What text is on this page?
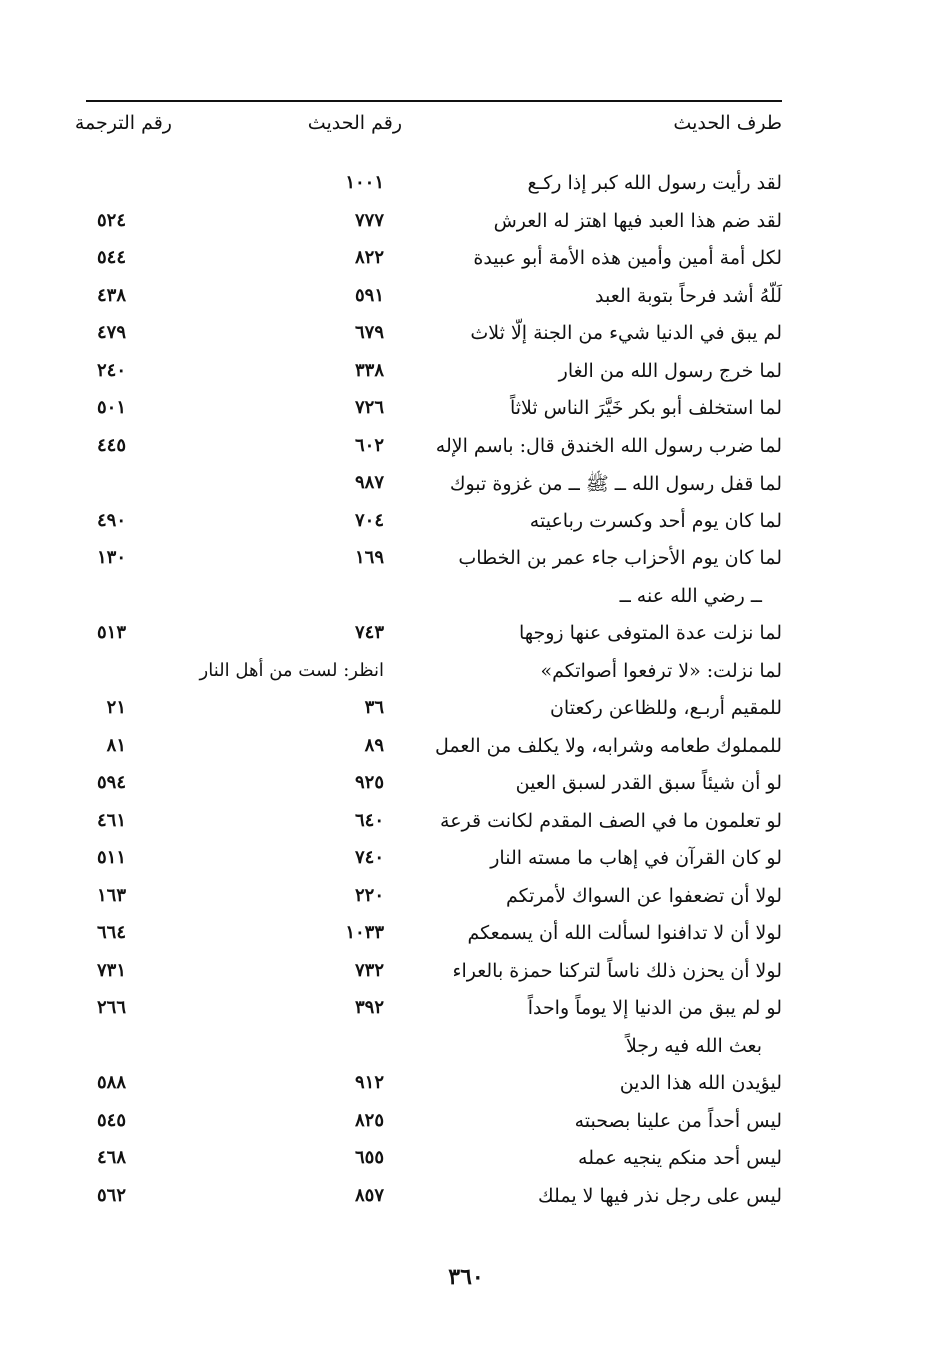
طرف الحديث
رقم الحديث
رقم الترجمة
لقد رأيت رسول الله كبر إذا ركـع
١٠٠١
لقد ضم هذا العبد فيها اهتز له العرش
٧٧٧
٥٢٤
لكل أمة أمين وأمين هذه الأمة أبو عبيدة
٨٢٢
٥٤٤
لَلّهُ أشد فرحاً بتوبة العبد
٥٩١
٤٣٨
لم يبق في الدنيا شيء من الجنة إلّا ثلاث
٦٧٩
٤٧٩
لما خرج رسول الله من الغار
٣٣٨
٢٤٠
لما استخلف أبو بكر خَيَّرَ الناس ثلاثاً
٧٢٦
٥٠١
لما ضرب رسول الله الخندق قال: باسم الإله
٦٠٢
٤٤٥
لما قفل رسول الله ــ ﷺ ــ من غزوة تبوك
٩٨٧
لما كان يوم أحد وكسرت رباعيته
٧٠٤
٤٩٠
لما كان يوم الأحزاب جاء عمر بن الخطاب
١٦٩
١٣٠
ــ رضي الله عنه ــ
لما نزلت عدة المتوفى عنها زوجها
٧٤٣
٥١٣
لما نزلت: «لا ترفعوا أصواتكم»
انظر: لست من أهل النار
للمقيم أربـع، وللظاعن ركعتان
٣٦
٢١
للمملوك طعامه وشرابه، ولا يكلف من العمل
٨٩
٨١
لو أن شيئاً سبق القدر لسبق العين
٩٢٥
٥٩٤
لو تعلمون ما في الصف المقدم لكانت قرعة
٦٤٠
٤٦١
لو كان القرآن في إهاب ما مسته النار
٧٤٠
٥١١
لولا أن تضعفوا عن السواك لأمرتكم
٢٢٠
١٦٣
لولا أن لا تدافنوا لسألت الله أن يسمعكم
١٠٣٣
٦٦٤
لولا أن يحزن ذلك ناساً لتركنا حمزة بالعراء
٧٣٢
٧٣١
لو لم يبق من الدنيا إلا يوماً واحداً
٣٩٢
٢٦٦
بعث الله فيه رجلاً
ليؤيدن الله هذا الدين
٩١٢
٥٨٨
ليس أحداً من علينا بصحبته
٨٢٥
٥٤٥
ليس أحد منكم ينجيه عمله
٦٥٥
٤٦٨
ليس على رجل نذر فيها لا يملك
٨٥٧
٥٦٢
٣٦٠
